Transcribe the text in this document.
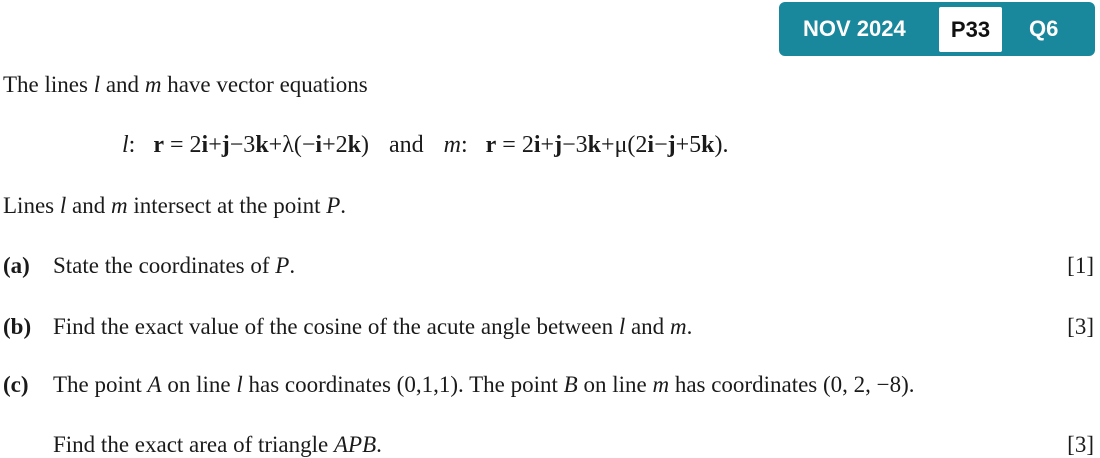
NOV 2024	P33	Q6
The lines l and m have vector equations
l: r = 2i+j−3k+λ(−i+2k) and m: r = 2i+j−3k+μ(2i−j+5k).
Lines l and m intersect at the point P.
(a) State the coordinates of P.	[1]
(b) Find the exact value of the cosine of the acute angle between l and m.	[3]
(c) The point A on line l has coordinates (0,1,1). The point B on line m has coordinates (0, 2, −8).
Find the exact area of triangle APB.	[3]
